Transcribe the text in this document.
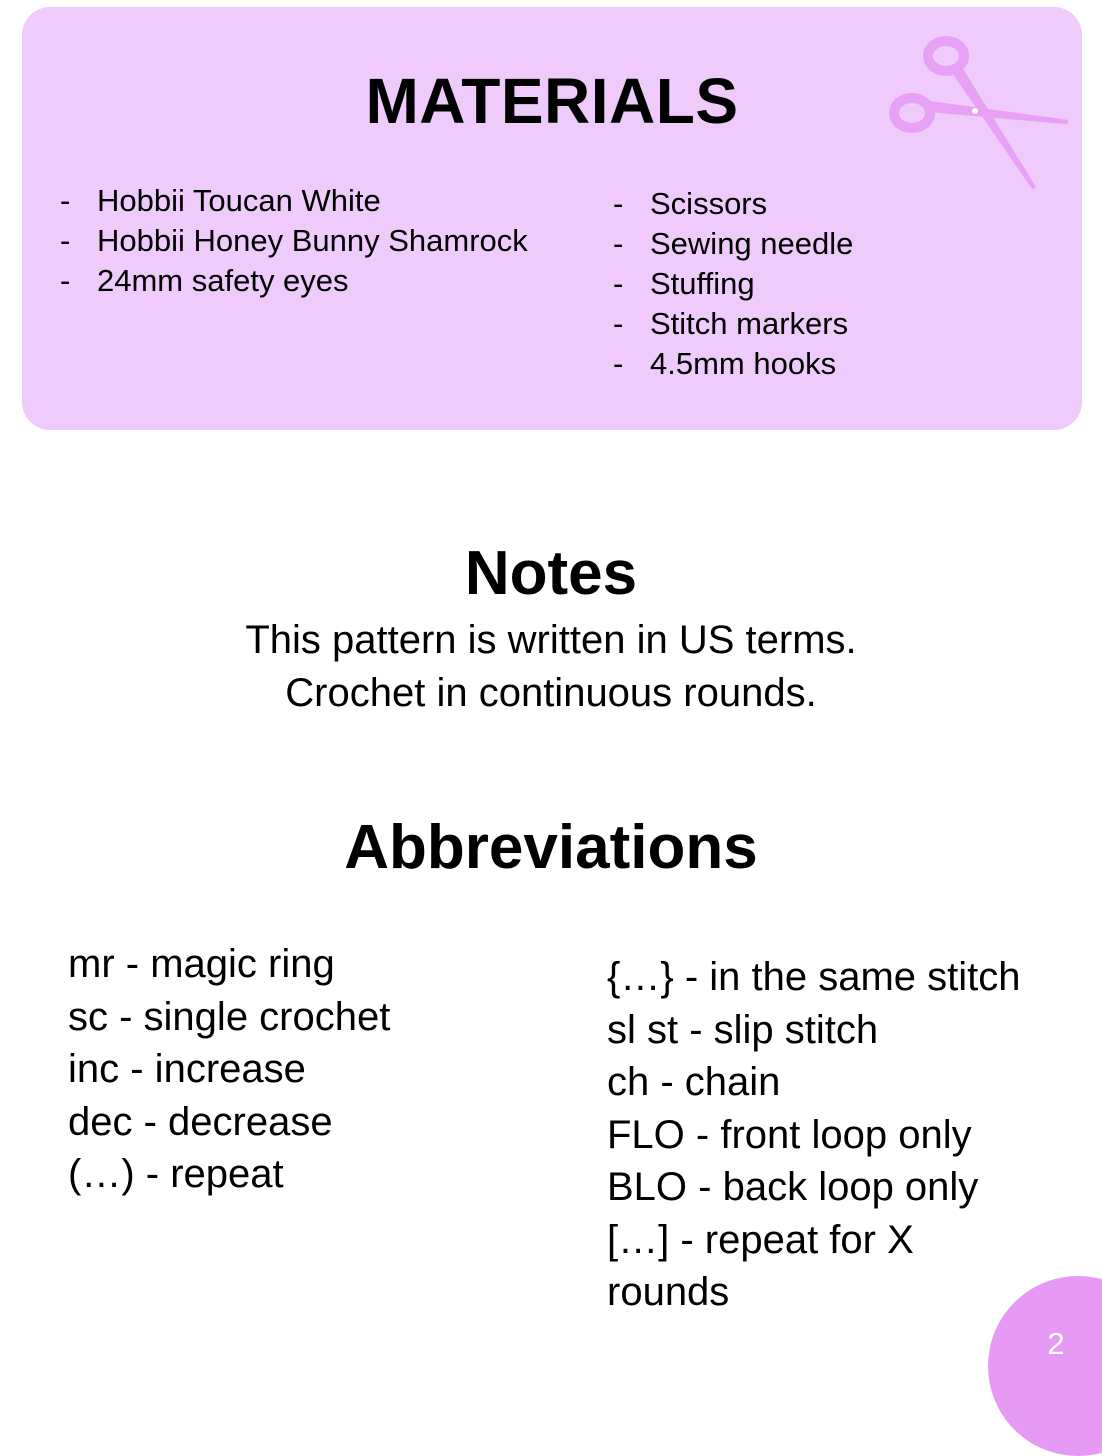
MATERIALS
- Hobbii Toucan White
- Hobbii Honey Bunny Shamrock
- 24mm safety eyes
- Scissors
- Sewing needle
- Stuffing
- Stitch markers
- 4.5mm hooks
Notes
This pattern is written in US terms.
Crochet in continuous rounds.
Abbreviations
mr - magic ring
sc - single crochet
inc - increase
dec - decrease
(…) - repeat
{…} - in the same stitch
sl st - slip stitch
ch - chain
FLO - front loop only
BLO - back loop only
[…] - repeat for X
rounds
2
